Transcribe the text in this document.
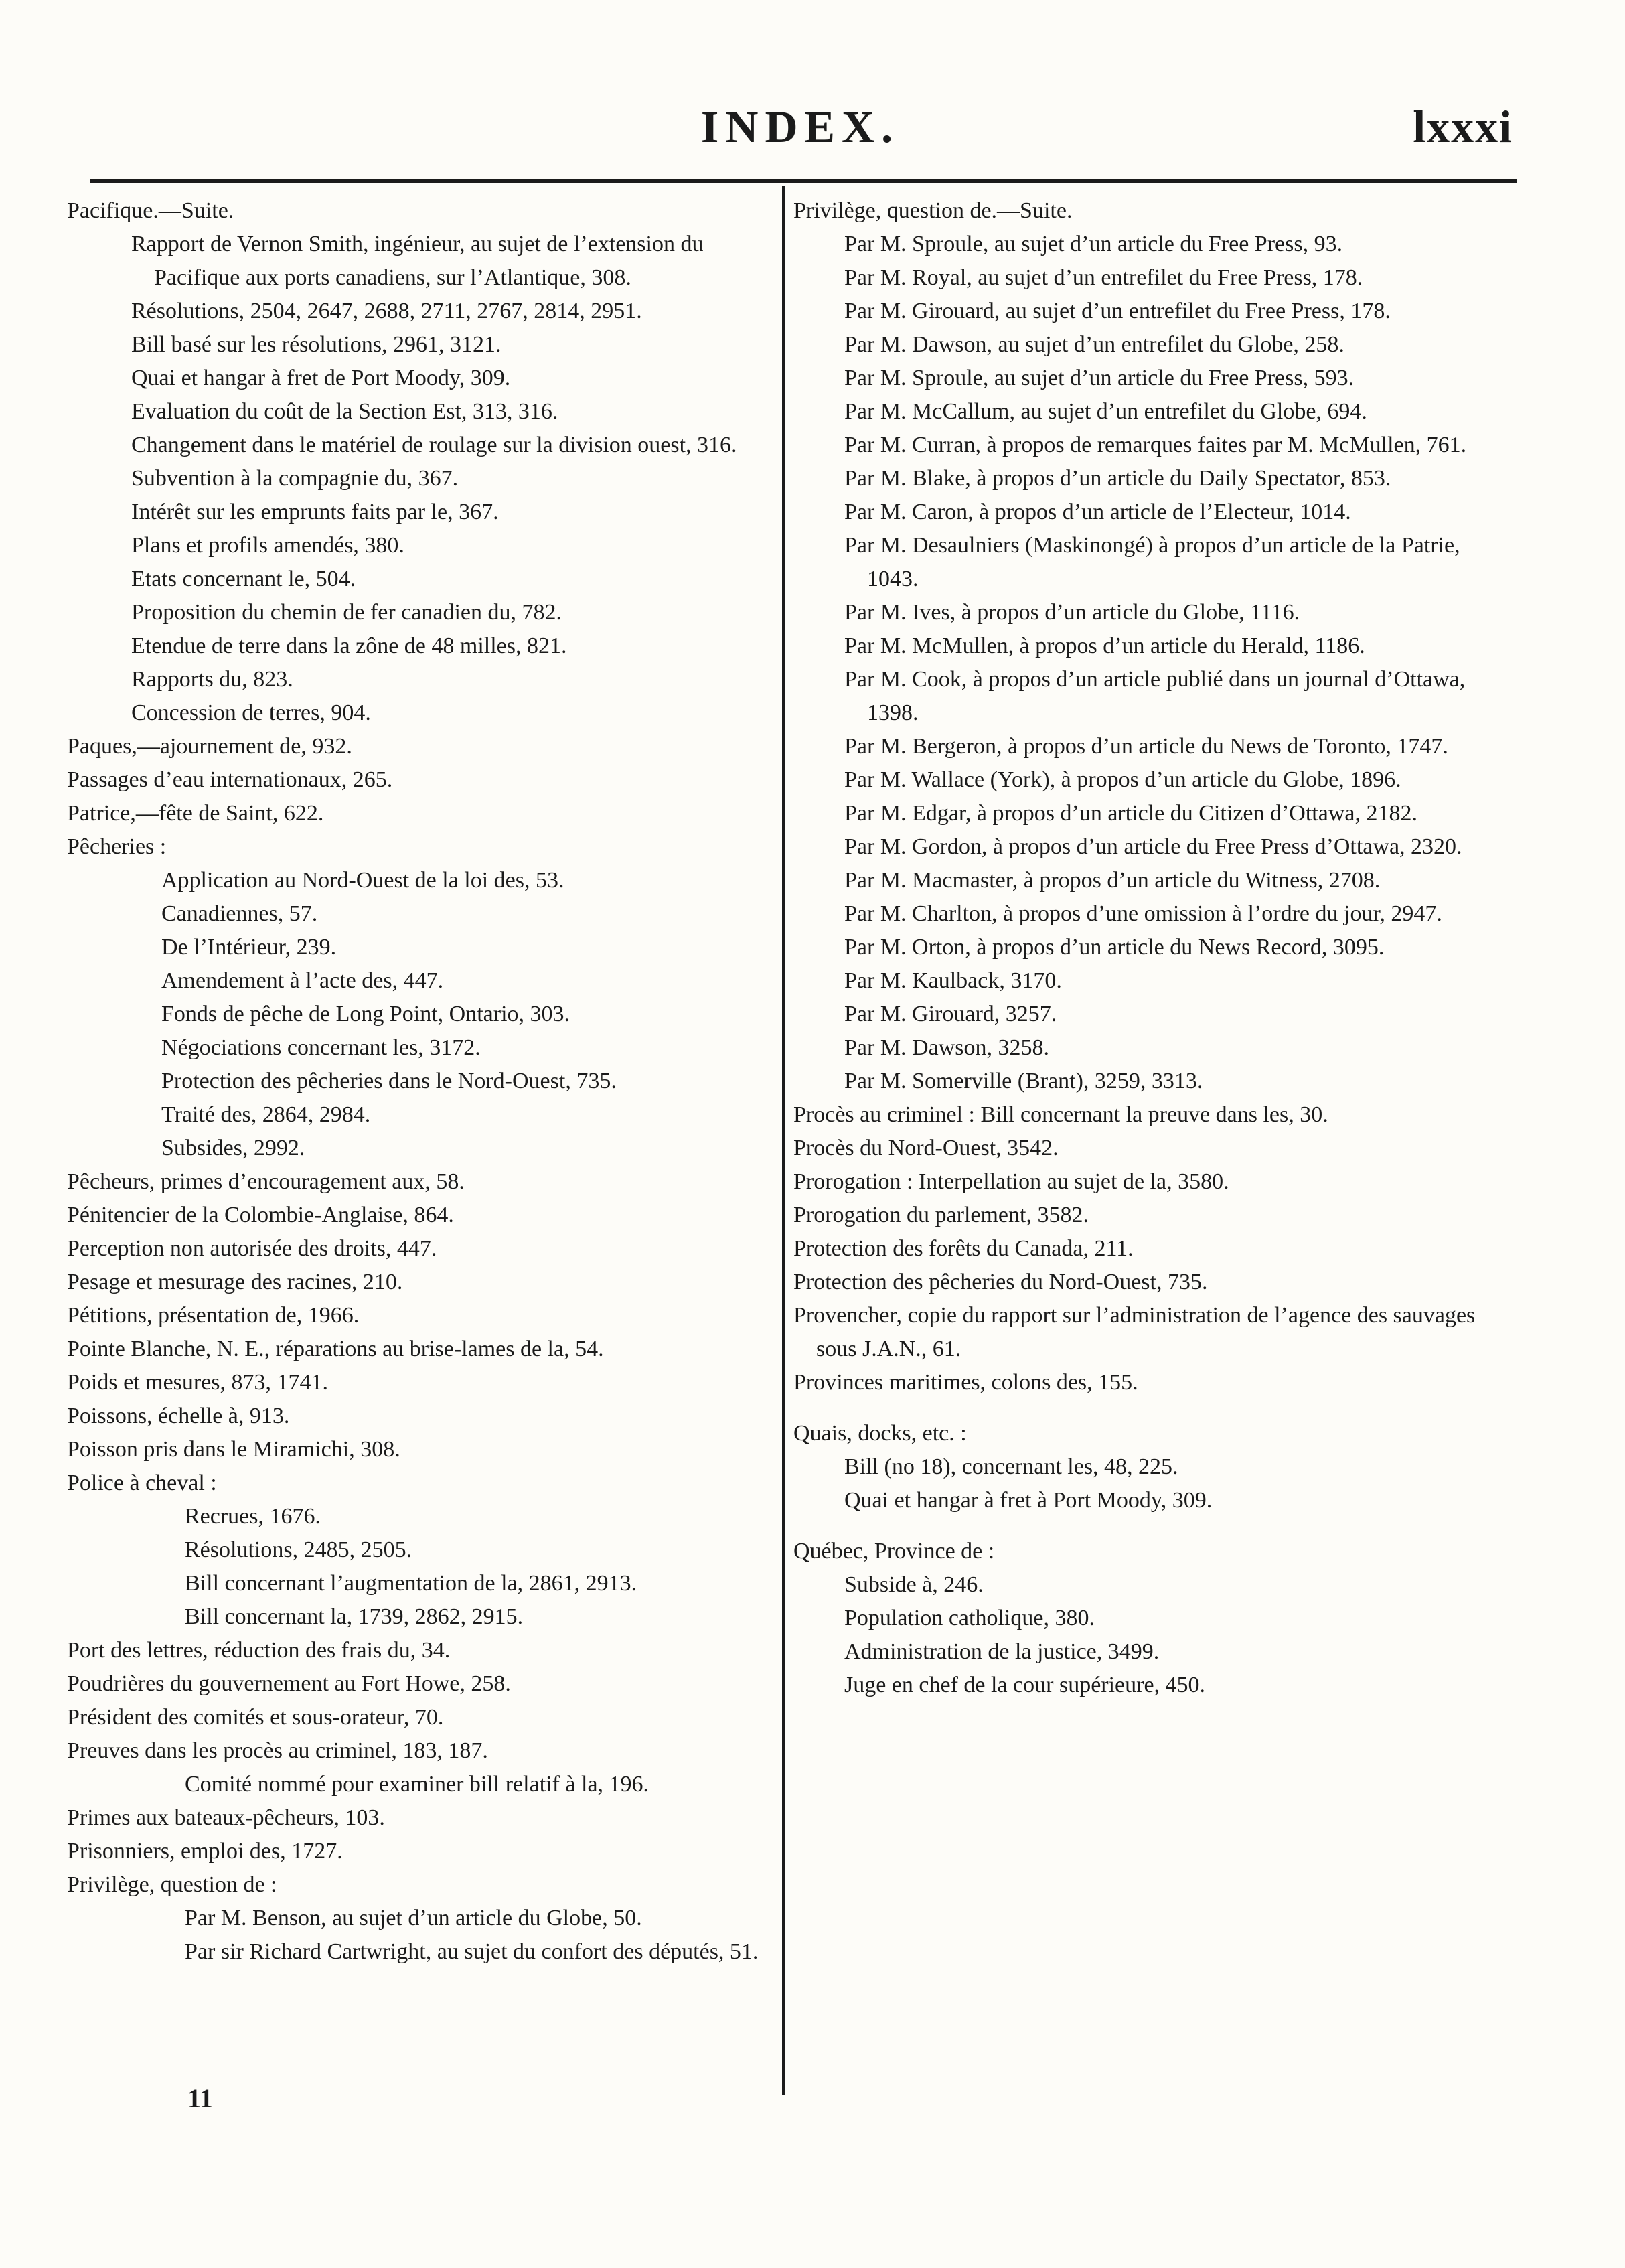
INDEX.	lxxxi
Pacifique.—Suite.
Rapport de Vernon Smith, ingénieur, au sujet de l’extension du Pacifique aux ports canadiens, sur l’Atlantique, 308.
Résolutions, 2504, 2647, 2688, 2711, 2767, 2814, 2951.
Bill basé sur les résolutions, 2961, 3121.
Quai et hangar à fret de Port Moody, 309.
Evaluation du coût de la Section Est, 313, 316.
Changement dans le matériel de roulage sur la division ouest, 316.
Subvention à la compagnie du, 367.
Intérêt sur les emprunts faits par le, 367.
Plans et profils amendés, 380.
Etats concernant le, 504.
Proposition du chemin de fer canadien du, 782.
Etendue de terre dans la zône de 48 milles, 821.
Rapports du, 823.
Concession de terres, 904.
Paques,—ajournement de, 932.
Passages d’eau internationaux, 265.
Patrice,—fête de Saint, 622.
Pêcheries :
Application au Nord-Ouest de la loi des, 53.
Canadiennes, 57.
De l’Intérieur, 239.
Amendement à l’acte des, 447.
Fonds de pêche de Long Point, Ontario, 303.
Négociations concernant les, 3172.
Protection des pêcheries dans le Nord-Ouest, 735.
Traité des, 2864, 2984.
Subsides, 2992.
Pêcheurs, primes d’encouragement aux, 58.
Pénitencier de la Colombie-Anglaise, 864.
Perception non autorisée des droits, 447.
Pesage et mesurage des racines, 210.
Pétitions, présentation de, 1966.
Pointe Blanche, N. E., réparations au brise-lames de la, 54.
Poids et mesures, 873, 1741.
Poissons, échelle à, 913.
Poisson pris dans le Miramichi, 308.
Police à cheval :
Recrues, 1676.
Résolutions, 2485, 2505.
Bill concernant l’augmentation de la, 2861, 2913.
Bill concernant la, 1739, 2862, 2915.
Port des lettres, réduction des frais du, 34.
Poudrières du gouvernement au Fort Howe, 258.
Président des comités et sous-orateur, 70.
Preuves dans les procès au criminel, 183, 187.
Comité nommé pour examiner bill relatif à la, 196.
Primes aux bateaux-pêcheurs, 103.
Prisonniers, emploi des, 1727.
Privilège, question de :
Par M. Benson, au sujet d’un article du Globe, 50.
Par sir Richard Cartwright, au sujet du confort des députés, 51.
Privilège, question de.—Suite.
Par M. Sproule, au sujet d’un article du Free Press, 93.
Par M. Royal, au sujet d’un entrefilet du Free Press, 178.
Par M. Girouard, au sujet d’un entrefilet du Free Press, 178.
Par M. Dawson, au sujet d’un entrefilet du Globe, 258.
Par M. Sproule, au sujet d’un article du Free Press, 593.
Par M. McCallum, au sujet d’un entrefilet du Globe, 694.
Par M. Curran, à propos de remarques faites par M. McMullen, 761.
Par M. Blake, à propos d’un article du Daily Spectator, 853.
Par M. Caron, à propos d’un article de l’Electeur, 1014.
Par M. Desaulniers (Maskinongé) à propos d’un article de la Patrie, 1043.
Par M. Ives, à propos d’un article du Globe, 1116.
Par M. McMullen, à propos d’un article du Herald, 1186.
Par M. Cook, à propos d’un article publié dans un journal d’Ottawa, 1398.
Par M. Bergeron, à propos d’un article du News de Toronto, 1747.
Par M. Wallace (York), à propos d’un article du Globe, 1896.
Par M. Edgar, à propos d’un article du Citizen d’Ottawa, 2182.
Par M. Gordon, à propos d’un article du Free Press d’Ottawa, 2320.
Par M. Macmaster, à propos d’un article du Witness, 2708.
Par M. Charlton, à propos d’une omission à l’ordre du jour, 2947.
Par M. Orton, à propos d’un article du News Record, 3095.
Par M. Kaulback, 3170.
Par M. Girouard, 3257.
Par M. Dawson, 3258.
Par M. Somerville (Brant), 3259, 3313.
Procès au criminel : Bill concernant la preuve dans les, 30.
Procès du Nord-Ouest, 3542.
Prorogation : Interpellation au sujet de la, 3580.
Prorogation du parlement, 3582.
Protection des forêts du Canada, 211.
Protection des pêcheries du Nord-Ouest, 735.
Provencher, copie du rapport sur l’administration de l’agence des sauvages sous J.A.N., 61.
Provinces maritimes, colons des, 155.
Quais, docks, etc. :
Bill (no 18), concernant les, 48, 225.
Quai et hangar à fret à Port Moody, 309.
Québec, Province de :
Subside à, 246.
Population catholique, 380.
Administration de la justice, 3499.
Juge en chef de la cour supérieure, 450.
11
